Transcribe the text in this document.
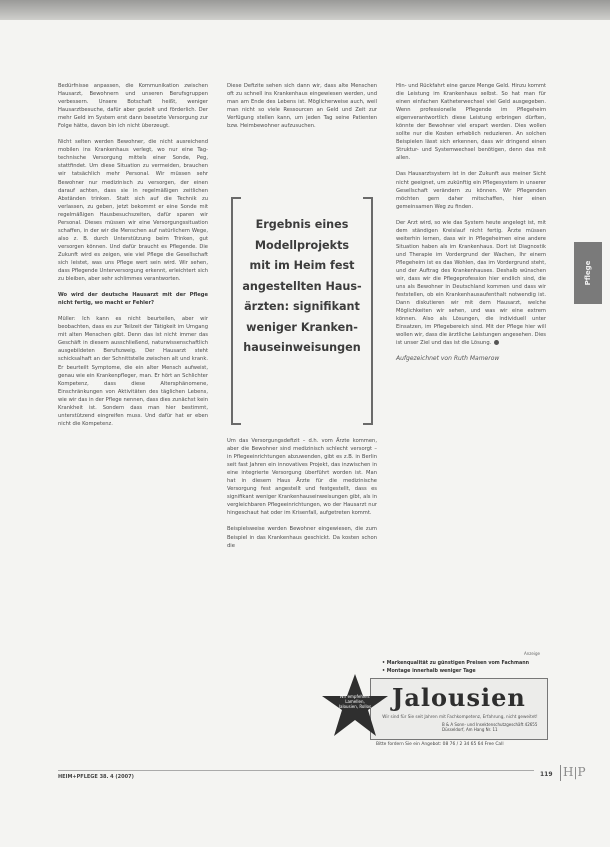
Bedürfnisse anpassen, die Kommunikation zwischen Hausarzt, Bewohnern und unseren Berufsgruppen verbessern. Unsere Botschaft heißt, weniger Hausarztbesuche, dafür aber gezielt und förderlich. Der mehr Geld im System erst dann besetzte Versorgung zur Folge hätte, davon bin ich nicht überzeugt.

Nicht selten werden Bewohner, die nicht ausreichend mobilen ins Krankenhaus verlegt, wo nur eine Tag- technische Versorgung mittels einer Sonde, Peg, stattfindet. Um diese Situation zu vermeiden, brauchen wir tatsächlich mehr Personal. Wir müssen sehr Bewohner nur medizinisch zu versorgen, der einen darauf achten, dass sie in regelmäßigen zeitlichen Abständen trinken. Statt sich auf die Technik zu verlassen, zu geben, jetzt bekommt er eine Sonde mit regelmäßigen Hausbesuchszeiten, dafür sparen wir Personal. Dieses müssen wir eine Versorgungssituation schaffen, in der wir die Menschen auf natürlichem Wege, also z. B. durch Unterstützung beim Trinken, gut versorgen können. Und dafür braucht es Pflegende. Die Zukunft wird es zeigen, wie viel Pflege die Gesellschaft sich leistet, was uns Pflege wert sein wird. Wir sehen, dass Pflegende Unterversorgung erkennt, erleichtert sich zu bleiben, aber sehr schlimmes verantworten.

Wo wird der deutsche Hausarzt mit der Pflege nicht fertig, wo macht er Fehler?

Müller: Ich kann es nicht beurteilen, aber wir beobachten, dass es zur Teilzeit der Tätigkeit im Umgang mit alten Menschen gibt. Denn das ist nicht immer das Geschäft in diesem ausschließend, naturwissenschaftlich ausgebildeten Berufszweig. Der Hausarzt steht schicksalhaft an der Schnittstelle zwischen alt und krank. Er beurteilt Symptome, die ein alter Mensch aufweist, genau wie ein Krankenpfleger, man. Er hört an Schlichter Kompetenz, dass diese Altersphänomene, Einschränkungen von Aktivitäten des täglichen Lebens, wie wir das in der Pflege nennen, dass dies zunächst kein Krankheit ist. Sondern dass man hier bestimmt, unterstützend eingreifen muss. Und dafür hat er eben nicht die Kompetenz.

Diese Defizite sehen sich dann wir, dass alte Menschen oft zu schnell ins Krankenhaus eingewiesen werden, und man am Ende des Lebens ist. Möglicherweise auch, weil man nicht so viele Ressourcen an Geld und Zeit zur Verfügung stellen kann, um jeden Tag seine Patienten bzw. Heimbewohner aufzusuchen.

Ergebnis eines
Modellprojekts
mit im Heim fest
angestellten Haus-
ärzten: signifikant
weniger Kranken-
hauseinweisungen

Um das Versorgungsdefizit – d.h. vom Ärzte kommen, aber die Bewohner sind medizinisch schlecht versorgt – in Pflegeeinrichtungen abzuwenden, gibt es z.B. in Berlin seit fast Jahren ein innovatives Projekt, das inzwischen in eine integrierte Versorgung überführt worden ist. Man hat in diesem Haus Ärzte für die medizinische Versorgung fest angestellt und festgestellt, dass es signifikant weniger Krankenhauseinweisungen gibt, als in vergleichbaren Pflegeeinrichtungen, wo der Hausarzt nur hingeschaut hat oder im Krisenfall, aufgetreten kommt.

Beispielsweise werden Bewohner eingewiesen, die zum Beispiel in das Krankenhaus geschickt. Da kosten schon die

Hin- und Rückfahrt eine ganze Menge Geld. Hinzu kommt die Leistung im Krankenhaus selbst. So hat man für einen einfachen Katheterwechsel viel Geld ausgegeben. Wenn professionelle Pflegende im Pflegeheim eigenverantwortlich diese Leistung erbringen dürften, könnte der Bewohner viel erspart werden. Dies wollen sollte nur die Kosten erheblich reduzieren. An solchen Beispielen lässt sich erkennen, dass wir dringend einen Struktur- und Systemwechsel benötigen, denn das mit allen.

Das Hausarztsystem ist in der Zukunft aus meiner Sicht nicht geeignet, um zukünftig ein Pflegesystem in unserer Gesellschaft verändern zu können. Wir Pflegenden möchten gern daher mitschaffen, hier einen gemeinsamen Weg zu finden.

Der Arzt wird, so wie das System heute angelegt ist, mit dem ständigen Kreislauf nicht fertig. Ärzte müssen weiterhin lernen, dass wir in Pflegeheimen eine andere Situation haben als im Krankenhaus. Dort ist Diagnostik und Therapie im Vordergrund der Wachen, Ihr einem Pflegeheim ist es das Wohlen, das im Vordergrund steht, und der Auftrag des Krankenhauses. Deshalb wünschen wir, dass wir die Pflegeprofession hier endlich sind, die uns als Bewohner in Deutschland kommen und dass wir feststellen, ob ein Krankenhausaufenthalt notwendig ist. Dann diskutieren wir mit dem Hausarzt, welche Möglichkeiten wir sehen, und was wir eine extrem können. Also als Lösungen, die individuell unter Einsatzen, im Pflegebereich sind. Mit der Pflege hier will wollen wir, dass die ärztliche Leistungen angesehen. Dies ist unser Ziel und das ist die Lösung.

Aufgezeichnet von Ruth Mamerow

Pflege
Anzeige
• Markenqualität zu günstigen Preisen vom Fachmann
• Montage innerhalb weniger Tage
Wir empfehlen: Lamellen, Jalousien, Rollos Jalousien
Wir sind für Sie seit Jahren mit Fachkompetenz, Erfahrung, nicht geweitet!
B & A Sonn- und Insektenschutzgeschäft 42655 Düsseldorf, Am Hang Nr. 11
Bitte fordern Sie ein Angebot: 08 76 / 2 34 65 64 Free Call
HEIM+PFLEGE 38. 4 (2007)	119 H|P
